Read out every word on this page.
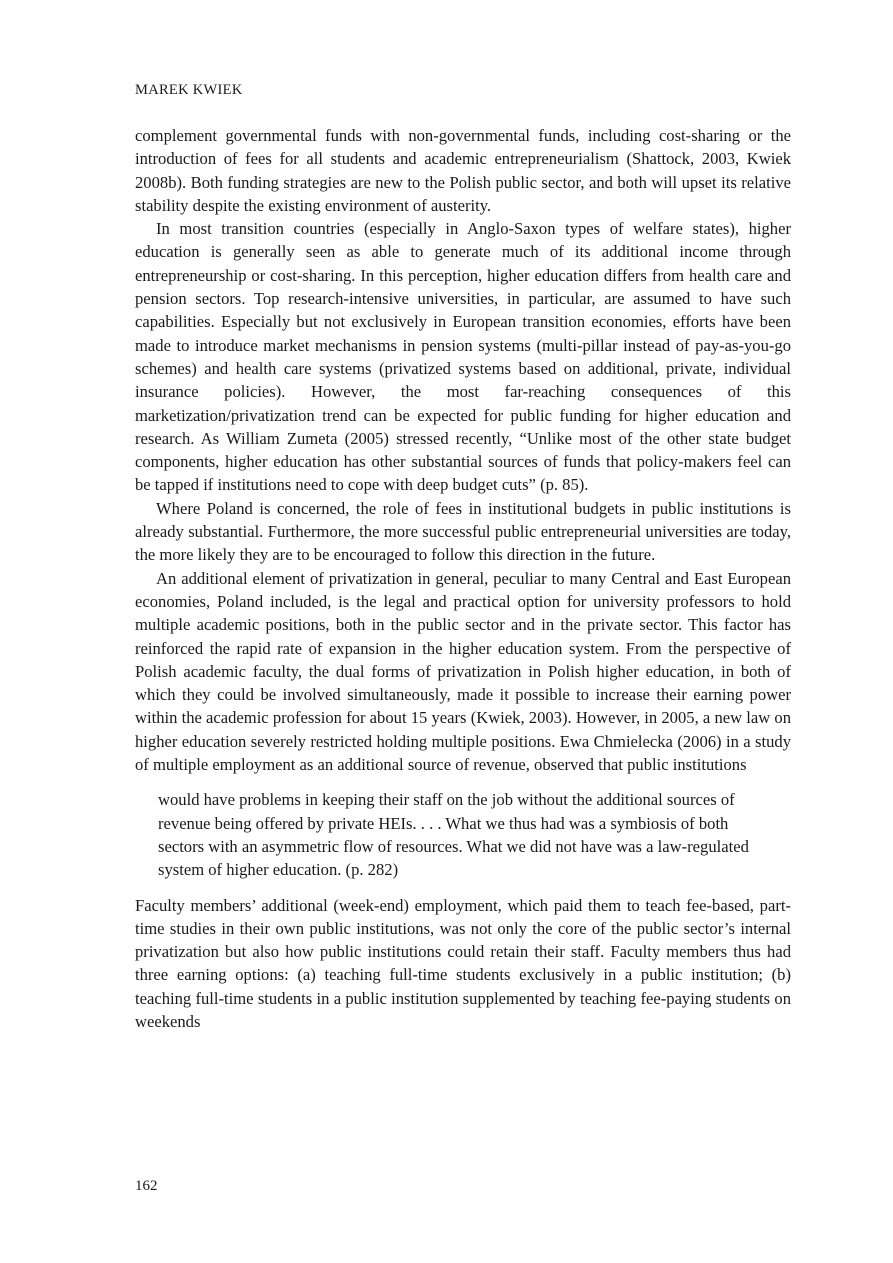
MAREK KWIEK

complement governmental funds with non-governmental funds, including cost-sharing or the introduction of fees for all students and academic entrepreneurialism (Shattock, 2003, Kwiek 2008b). Both funding strategies are new to the Polish public sector, and both will upset its relative stability despite the existing environment of austerity.

In most transition countries (especially in Anglo-Saxon types of welfare states), higher education is generally seen as able to generate much of its additional income through entrepreneurship or cost-sharing. In this perception, higher education differs from health care and pension sectors. Top research-intensive universities, in particular, are assumed to have such capabilities. Especially but not exclusively in European transition economies, efforts have been made to introduce market mechanisms in pension systems (multi-pillar instead of pay-as-you-go schemes) and health care systems (privatized systems based on additional, private, individual insurance policies). However, the most far-reaching consequences of this marketization/privatization trend can be expected for public funding for higher education and research. As William Zumeta (2005) stressed recently, “Unlike most of the other state budget components, higher education has other substantial sources of funds that policy-makers feel can be tapped if institutions need to cope with deep budget cuts” (p. 85).

Where Poland is concerned, the role of fees in institutional budgets in public institutions is already substantial. Furthermore, the more successful public entrepreneurial universities are today, the more likely they are to be encouraged to follow this direction in the future.

An additional element of privatization in general, peculiar to many Central and East European economies, Poland included, is the legal and practical option for university professors to hold multiple academic positions, both in the public sector and in the private sector. This factor has reinforced the rapid rate of expansion in the higher education system. From the perspective of Polish academic faculty, the dual forms of privatization in Polish higher education, in both of which they could be involved simultaneously, made it possible to increase their earning power within the academic profession for about 15 years (Kwiek, 2003). However, in 2005, a new law on higher education severely restricted holding multiple positions. Ewa Chmielecka (2006) in a study of multiple employment as an additional source of revenue, observed that public institutions

would have problems in keeping their staff on the job without the additional sources of revenue being offered by private HEIs. . . . What we thus had was a symbiosis of both sectors with an asymmetric flow of resources. What we did not have was a law-regulated system of higher education. (p. 282)

Faculty members’ additional (week-end) employment, which paid them to teach fee-based, part-time studies in their own public institutions, was not only the core of the public sector’s internal privatization but also how public institutions could retain their staff. Faculty members thus had three earning options: (a) teaching full-time students exclusively in a public institution; (b) teaching full-time students in a public institution supplemented by teaching fee-paying students on weekends

162
